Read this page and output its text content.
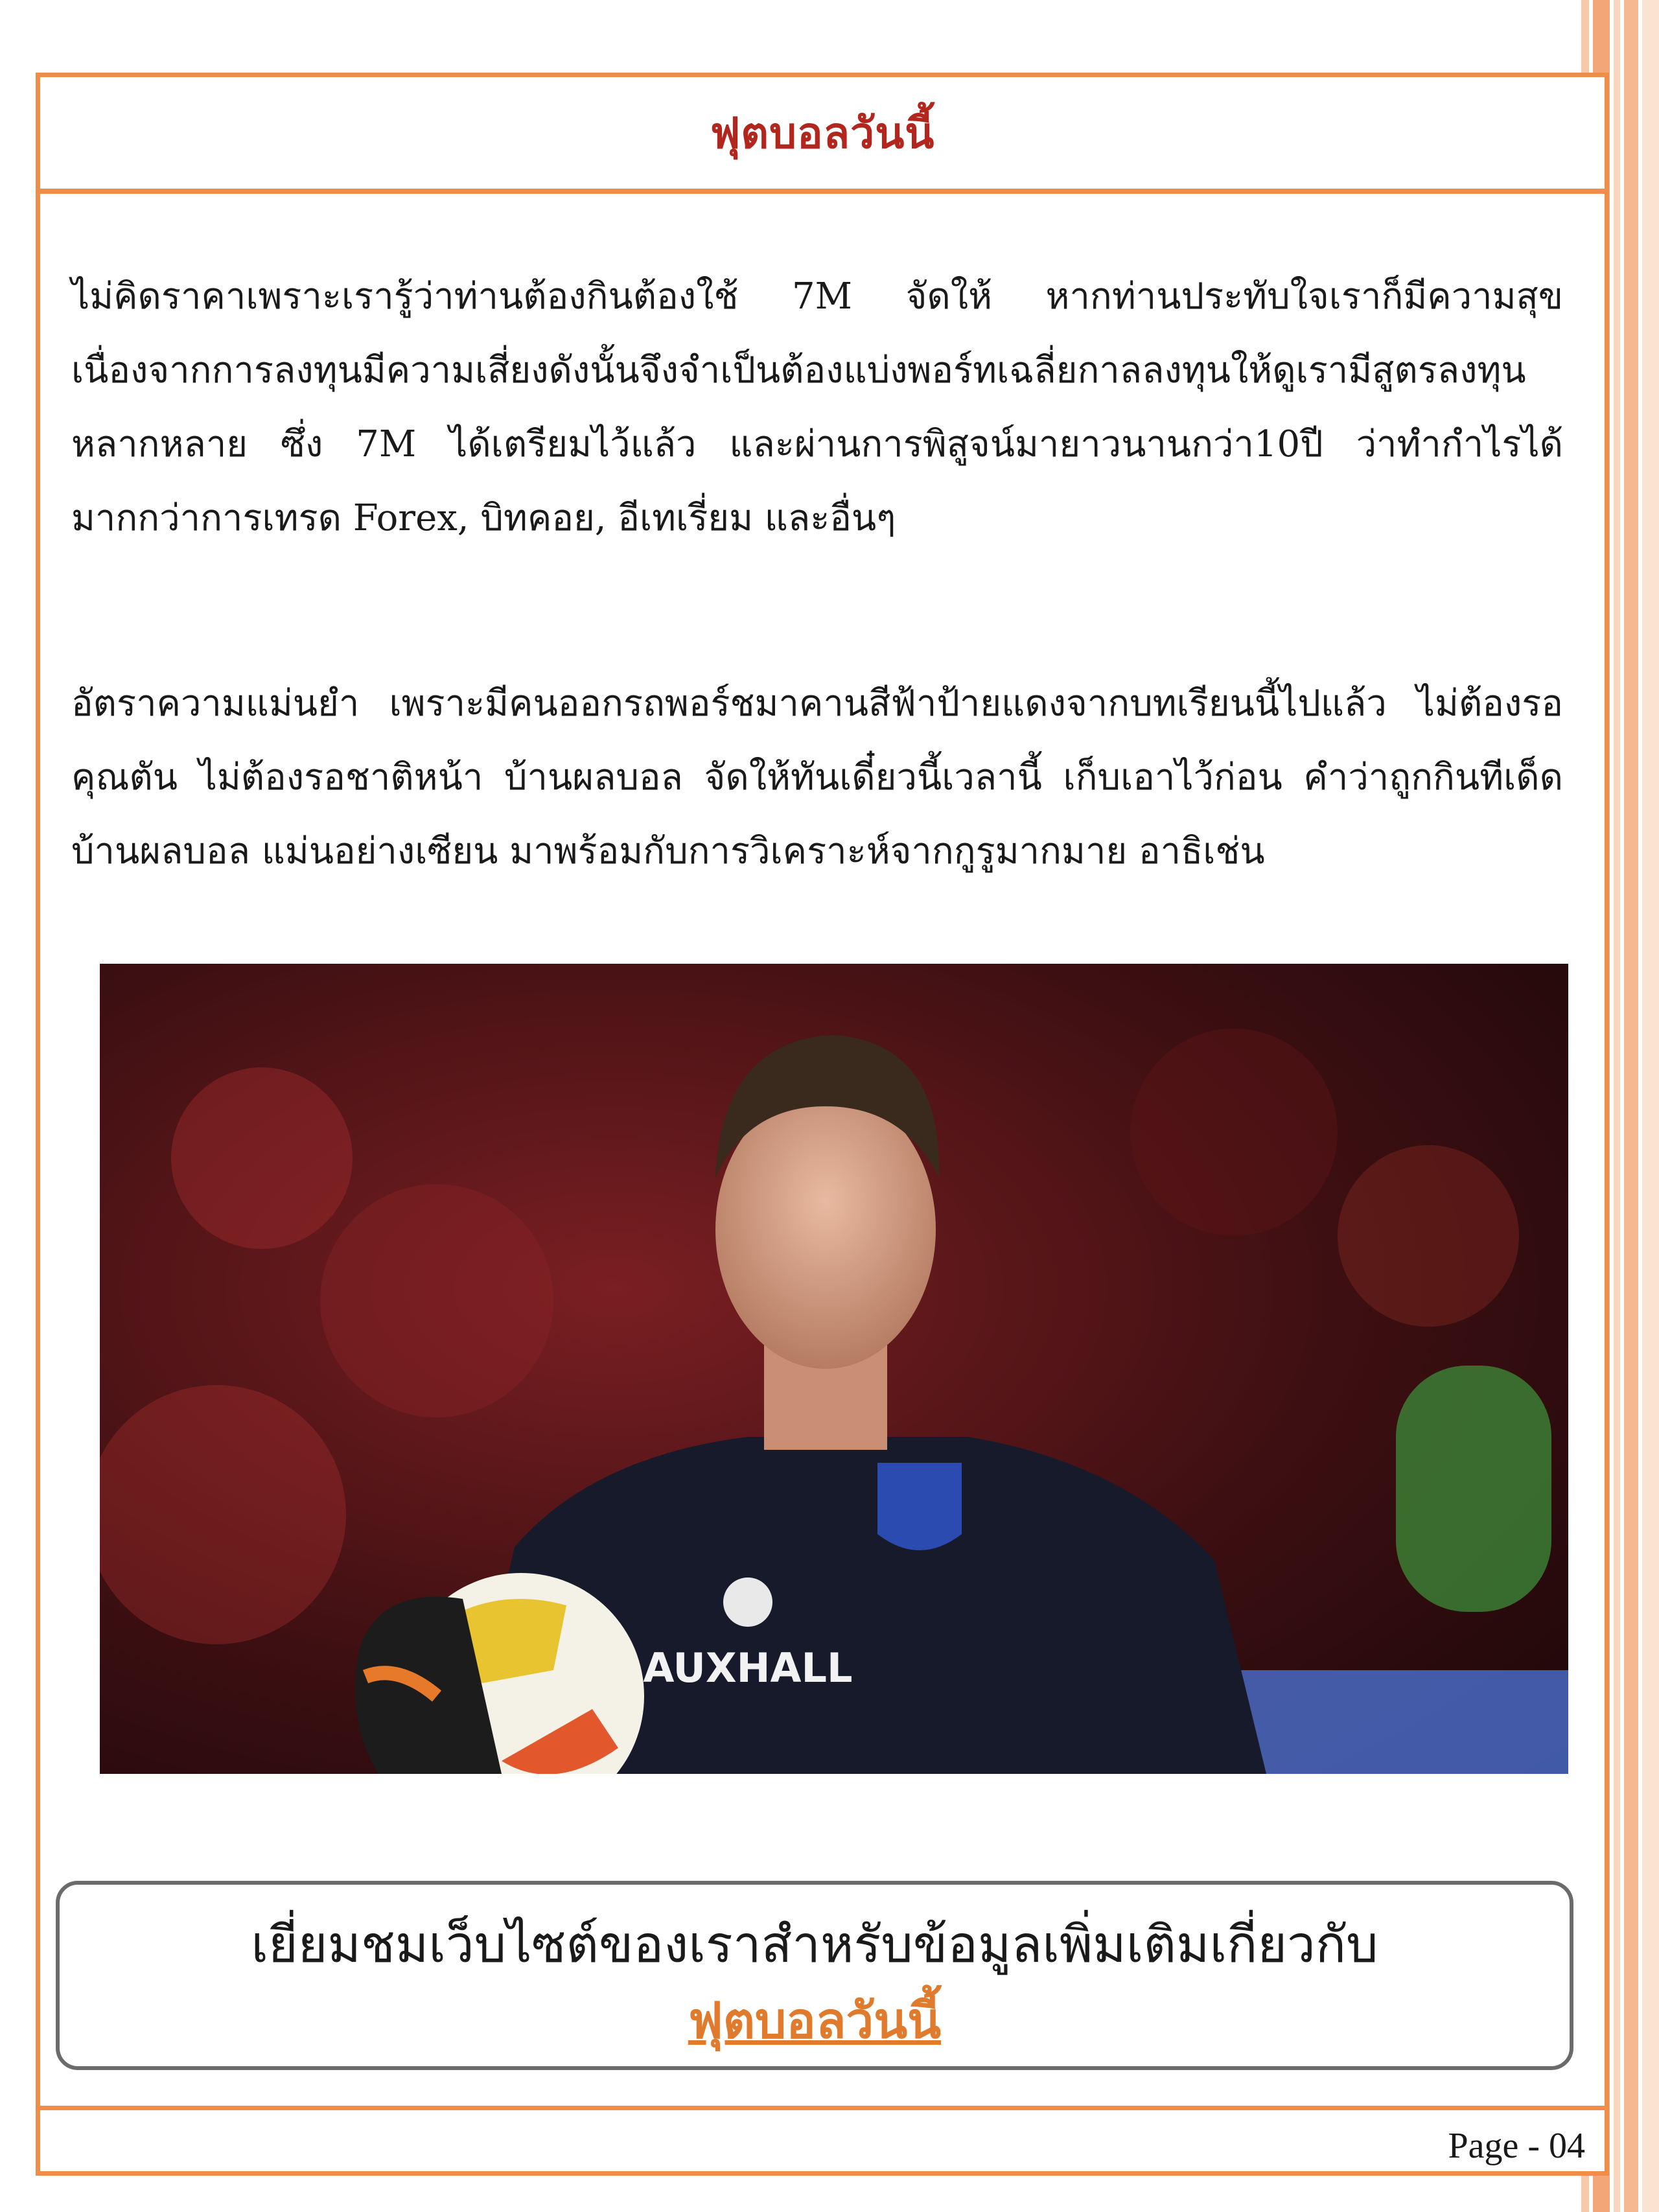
ฟุตบอลวันนี้

ไม่คิดราคาเพราะเรารู้ว่าท่านต้องกินต้องใช้ 7M จัดให้ หากท่านประทับใจเราก็มีความสุข เนื่องจากการลงทุนมีความเสี่ยงดังนั้นจึงจำเป็นต้องแบ่งพอร์ทเฉลี่ยกาลลงทุนให้ดูเรามีสูตรลงทุนหลากหลาย ซึ่ง 7M ได้เตรียมไว้แล้ว และผ่านการพิสูจน์มายาวนานกว่า10ปี ว่าทำกำไรได้มากกว่าการเทรด Forex, บิทคอย, อีเทเรี่ยม และอื่นๆ

อัตราความแม่นยำ เพราะมีคนออกรถพอร์ชมาคานสีฟ้าป้ายแดงจากบทเรียนนี้ไปแล้ว ไม่ต้องรอคุณตัน ไม่ต้องรอชาติหน้า บ้านผลบอล จัดให้ทันเดี๋ยวนี้เวลานี้ เก็บเอาไว้ก่อน คำว่าถูกกินทีเด็ด บ้านผลบอล แม่นอย่างเซียน มาพร้อมกับการวิเคราะห์จากกูรูมากมาย อาธิเช่น

AUXHALL
เยี่ยมชมเว็บไซต์ของเราสำหรับข้อมูลเพิ่มเติมเกี่ยวกับ
ฟุตบอลวันนี้
Page - 04
